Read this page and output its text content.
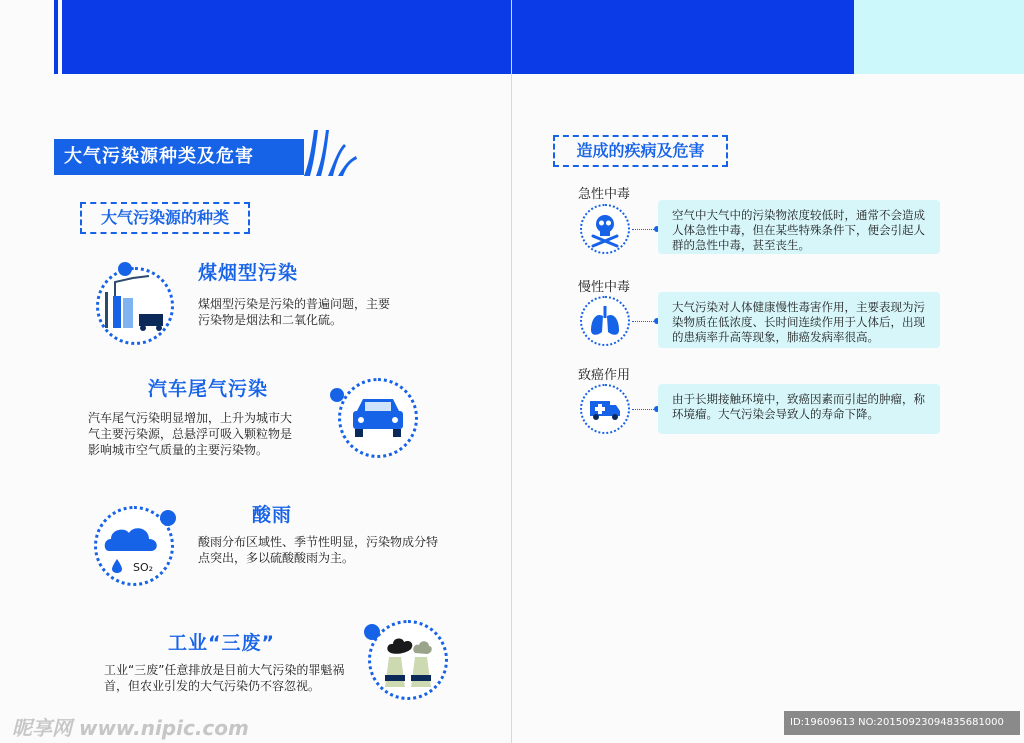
大气污染源种类及危害
大气污染源的种类
煤烟型污染
煤烟型污染是污染的普遍问题，主要污染物是烟法和二氧化硫。
汽车尾气污染
汽车尾气污染明显增加，上升为城市大气主要污染源，总悬浮可吸入颗粒物是影响城市空气质量的主要污染物。
SO₂
酸雨
酸雨分布区域性、季节性明显，污染物成分特点突出，多以硫酸酸雨为主。
工业“三废”
工业“三废”任意排放是目前大气污染的罪魁祸首，但农业引发的大气污染仍不容忽视。
造成的疾病及危害
急性中毒
空气中大气中的污染物浓度较低时，通常不会造成人体急性中毒，但在某些特殊条件下，便会引起人群的急性中毒，甚至丧生。
慢性中毒
大气污染对人体健康慢性毒害作用，主要表现为污染物质在低浓度、长时间连续作用于人体后，出现的患病率升高等现象，肺癌发病率很高。
致癌作用
由于长期接触环境中，致癌因素而引起的肿瘤，称环境瘤。大气污染会导致人的寿命下降。
昵享网 www.nipic.com	ID:19609613 NO:20150923094835681000
